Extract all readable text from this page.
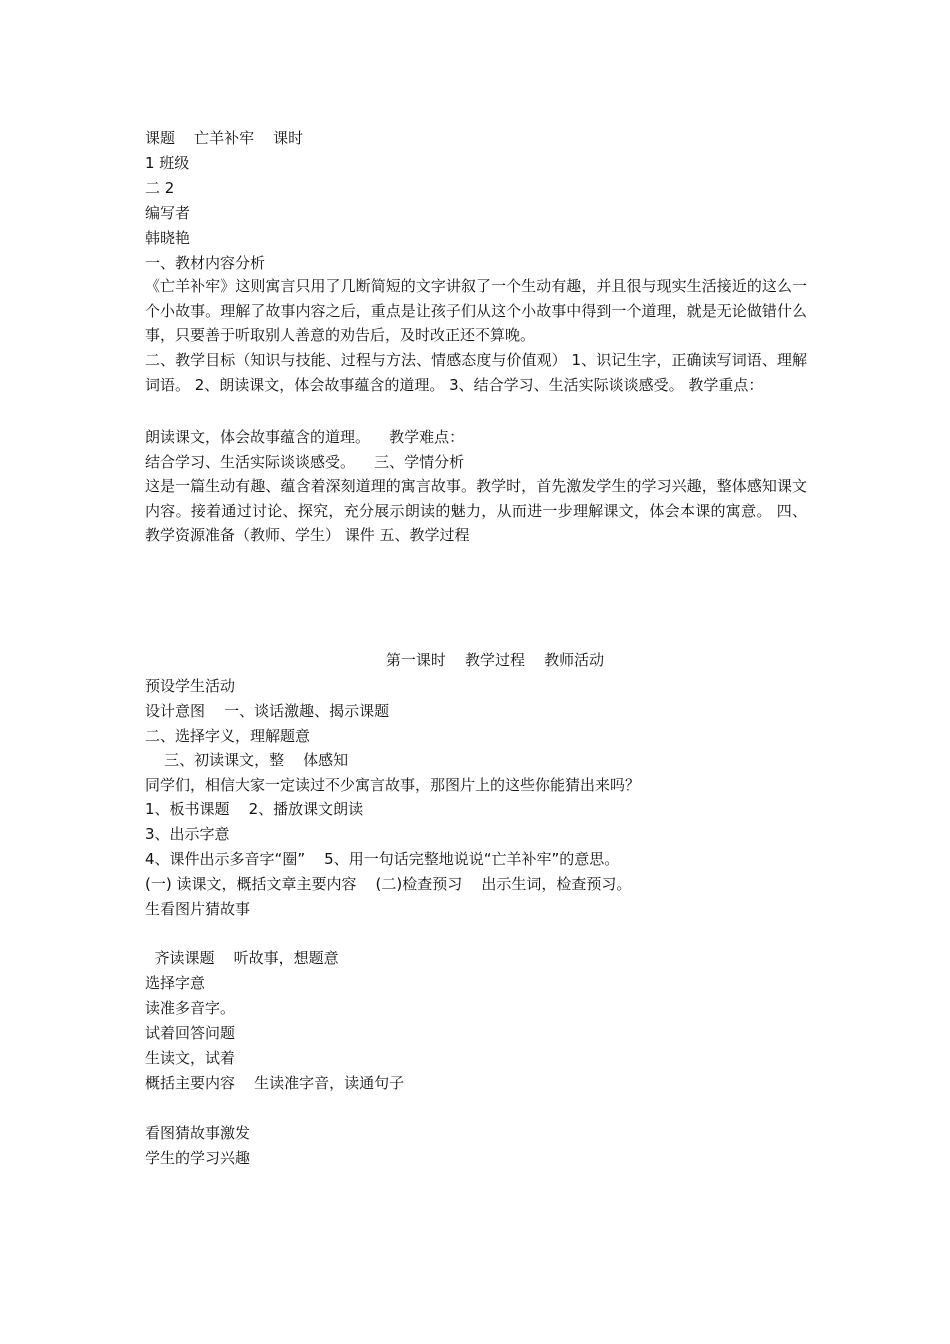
课题    亡羊补牢    课时
1 班级
二 2
编写者
韩晓艳
一、教材内容分析
《亡羊补牢》这则寓言只用了几断简短的文字讲叙了一个生动有趣，并且很与现实生活接近的这么一个小故事。理解了故事内容之后，重点是让孩子们从这个小故事中得到一个道理，就是无论做错什么事，只要善于听取别人善意的劝告后，及时改正还不算晚。
二、教学目标（知识与技能、过程与方法、情感态度与价值观） 1、识记生字，正确读写词语、理解词语。 2、朗读课文，体会故事蕴含的道理。 3、结合学习、生活实际谈谈感受。 教学重点：
朗读课文，体会故事蕴含的道理。    教学难点：
结合学习、生活实际谈谈感受。    三、学情分析
这是一篇生动有趣、蕴含着深刻道理的寓言故事。教学时，首先激发学生的学习兴趣，整体感知课文内容。接着通过讨论、探究，充分展示朗读的魅力，从而进一步理解课文，体会本课的寓意。 四、教学资源准备（教师、学生） 课件 五、教学过程
第一课时    教学过程    教师活动
预设学生活动
设计意图    一、谈话激趣、揭示课题
二、选择字义，理解题意
三、初读课文，整    体感知
同学们，相信大家一定读过不少寓言故事，那图片上的这些你能猜出来吗？
1、板书课题    2、播放课文朗读
3、出示字意
4、课件出示多音字“圈”    5、用一句话完整地说说“亡羊补牢”的意思。
(一) 读课文，概括文章主要内容    (二)检查预习    出示生词，检查预习。
生看图片猜故事
齐读课题    听故事，想题意
选择字意
读准多音字。
试着回答问题
生读文，试着
概括主要内容    生读准字音，读通句子
看图猜故事激发
学生的学习兴趣
